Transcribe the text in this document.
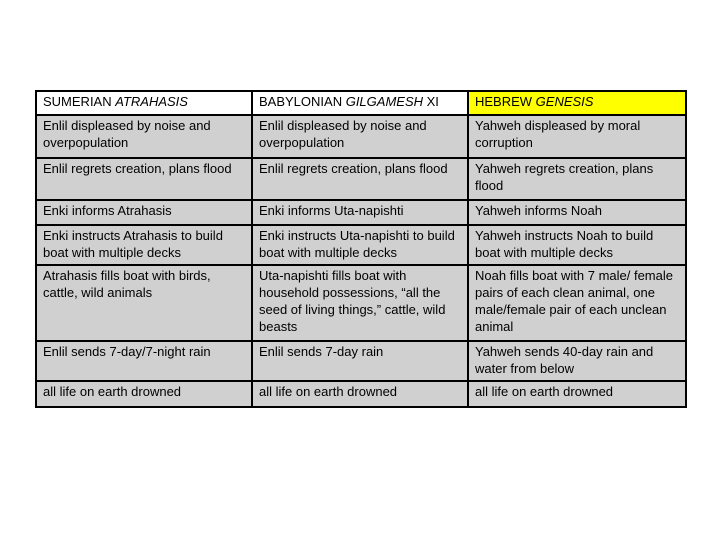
SUMERIAN ATRAHASIS	BABYLONIAN GILGAMESH XI	HEBREW GENESIS
Enlil displeased by noise and overpopulation	Enlil displeased by noise and overpopulation	Yahweh displeased by moral corruption
Enlil regrets creation, plans flood	Enlil regrets creation, plans flood	Yahweh regrets creation, plans flood
Enki informs Atrahasis	Enki informs Uta-napishti	Yahweh informs Noah
Enki instructs Atrahasis to build boat with multiple decks	Enki instructs Uta-napishti to build boat with multiple decks	Yahweh instructs Noah to build boat with multiple decks
Atrahasis fills boat with birds, cattle, wild animals	Uta-napishti fills boat with household possessions, “all the seed of living things,” cattle, wild beasts	Noah fills boat with 7 male/ female pairs of each clean animal, one male/female pair of each unclean animal
Enlil sends 7-day/7-night rain	Enlil sends 7-day rain	Yahweh sends 40-day rain and water from below
all life on earth drowned	all life on earth drowned	all life on earth drowned
